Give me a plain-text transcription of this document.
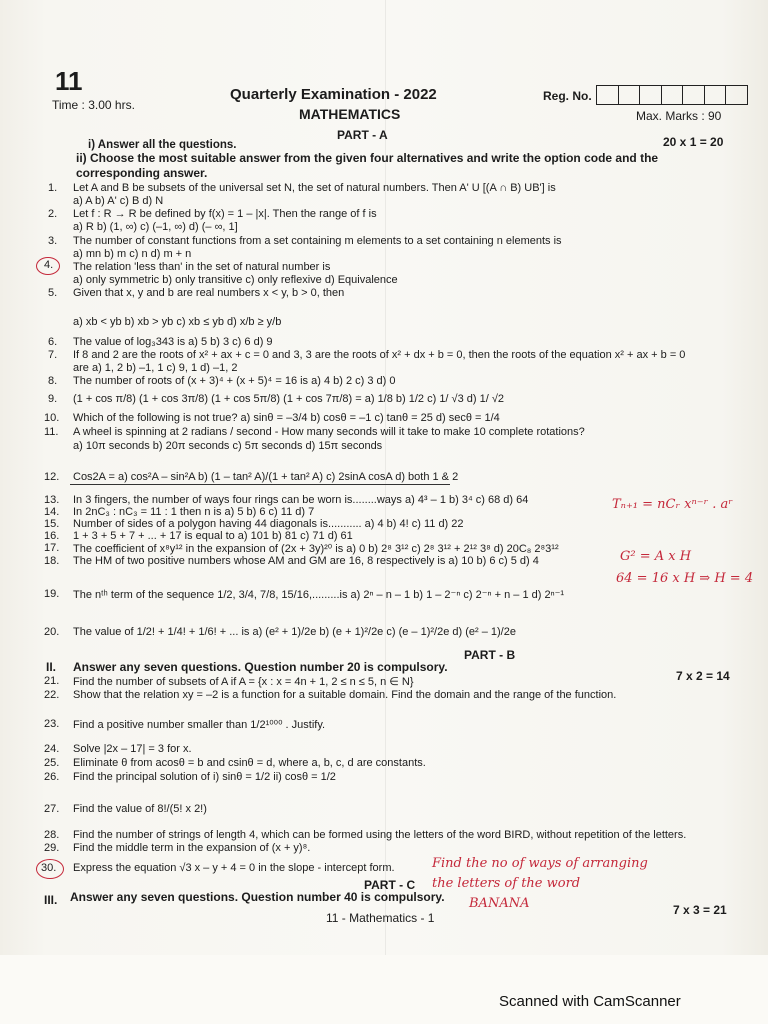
11
Time : 3.00 hrs.
Quarterly Examination - 2022
MATHEMATICS
Reg. No.
Max. Marks : 90
PART - A
i) Answer all the questions.	20 x 1 = 20
ii) Choose the most suitable answer from the given four alternatives and write the option code and the
corresponding answer.
1. Let A and B be subsets of the universal set N, the set of natural numbers. Then A' U [(A ∩ B) UB'] is
a) A b) A' c) B d) N
2. Let f : R → R be defined by f(x) = 1 – |x|. Then the range of f is
a) R b) (1, ∞) c) (–1, ∞) d) (– ∞, 1]
3. The number of constant functions from a set containing m elements to a set containing n elements is
a) mn b) m c) n d) m + n
4. The relation 'less than' in the set of natural number is
a) only symmetric b) only transitive c) only reflexive d) Equivalence
5. Given that x, y and b are real numbers x < y, b > 0, then
a) xb < yb b) xb > yb c) xb ≤ yb d) x/b ≥ y/b
6. The value of log₃343 is a) 5 b) 3 c) 6 d) 9
7. If 8 and 2 are the roots of x² + ax + c = 0 and 3, 3 are the roots of x² + dx + b = 0, then the roots of the equation x² + ax + b = 0
are a) 1, 2 b) –1, 1 c) 9, 1 d) –1, 2
8. The number of roots of (x + 3)⁴ + (x + 5)⁴ = 16 is a) 4 b) 2 c) 3 d) 0
9. (1 + cos π/8) (1 + cos 3π/8) (1 + cos 5π/8) (1 + cos 7π/8) = a) 1/8 b) 1/2 c) 1/ √3 d) 1/ √2
10. Which of the following is not true? a) sinθ = –3/4 b) cosθ = –1 c) tanθ = 25 d) secθ = 1/4
11. A wheel is spinning at 2 radians / second - How many seconds will it take to make 10 complete rotations?
a) 10π seconds b) 20π seconds c) 5π seconds d) 15π seconds
12. Cos2A = a) cos²A – sin²A b) (1 – tan² A)/(1 + tan² A) c) 2sinA cosA d) both 1 & 2
13. In 3 fingers, the number of ways four rings can be worn is........ways a) 4³ – 1 b) 3⁴ c) 68 d) 64
14. In 2nC₃ : nC₃ = 11 : 1 then n is a) 5 b) 6 c) 11 d) 7
15. Number of sides of a polygon having 44 diagonals is........... a) 4 b) 4! c) 11 d) 22
16. 1 + 3 + 5 + 7 + ... + 17 is equal to a) 101 b) 81 c) 71 d) 61
17. The coefficient of x⁸y¹² in the expansion of (2x + 3y)²⁰ is a) 0 b) 2⁸ 3¹² c) 2⁸ 3¹² + 2¹² 3⁸ d) 20C₈ 2⁸3¹²
18. The HM of two positive numbers whose AM and GM are 16, 8 respectively is a) 10 b) 6 c) 5 d) 4
19. The nᵗʰ term of the sequence 1/2, 3/4, 7/8, 15/16,.........is a) 2ⁿ – n – 1 b) 1 – 2⁻ⁿ c) 2⁻ⁿ + n – 1 d) 2ⁿ⁻¹
20. The value of 1/2! + 1/4! + 1/6! + ... is a) (e² + 1)/2e b) (e + 1)²/2e c) (e – 1)²/2e d) (e² – 1)/2e
Tₙ₊₁ = nCᵣ xⁿ⁻ʳ . aʳ
G² = A x H
64 = 16 x H ⇒ H = 4
PART - B
II. Answer any seven questions. Question number 20 is compulsory.
7 x 2 = 14
21. Find the number of subsets of A if A = {x : x = 4n + 1, 2 ≤ n ≤ 5, n ∈ N}
22. Show that the relation xy = –2 is a function for a suitable domain. Find the domain and the range of the function.
23. Find a positive number smaller than 1/2¹⁰⁰⁰ . Justify.
24. Solve |2x – 17| = 3 for x.
25. Eliminate θ from acosθ = b and csinθ = d, where a, b, c, d are constants.
26. Find the principal solution of i) sinθ = 1/2 ii) cosθ = 1/2
27. Find the value of 8!/(5! x 2!)
28. Find the number of strings of length 4, which can be formed using the letters of the word BIRD, without repetition of the letters.
29. Find the middle term in the expansion of (x + y)⁸.
30. Express the equation √3 x – y + 4 = 0 in the slope - intercept form.	Find the no of ways of arranging
the letters of the word
BANANA
PART - C
III. Answer any seven questions. Question number 40 is compulsory.
7 x 3 = 21
11 - Mathematics - 1
Scanned with CamScanner
